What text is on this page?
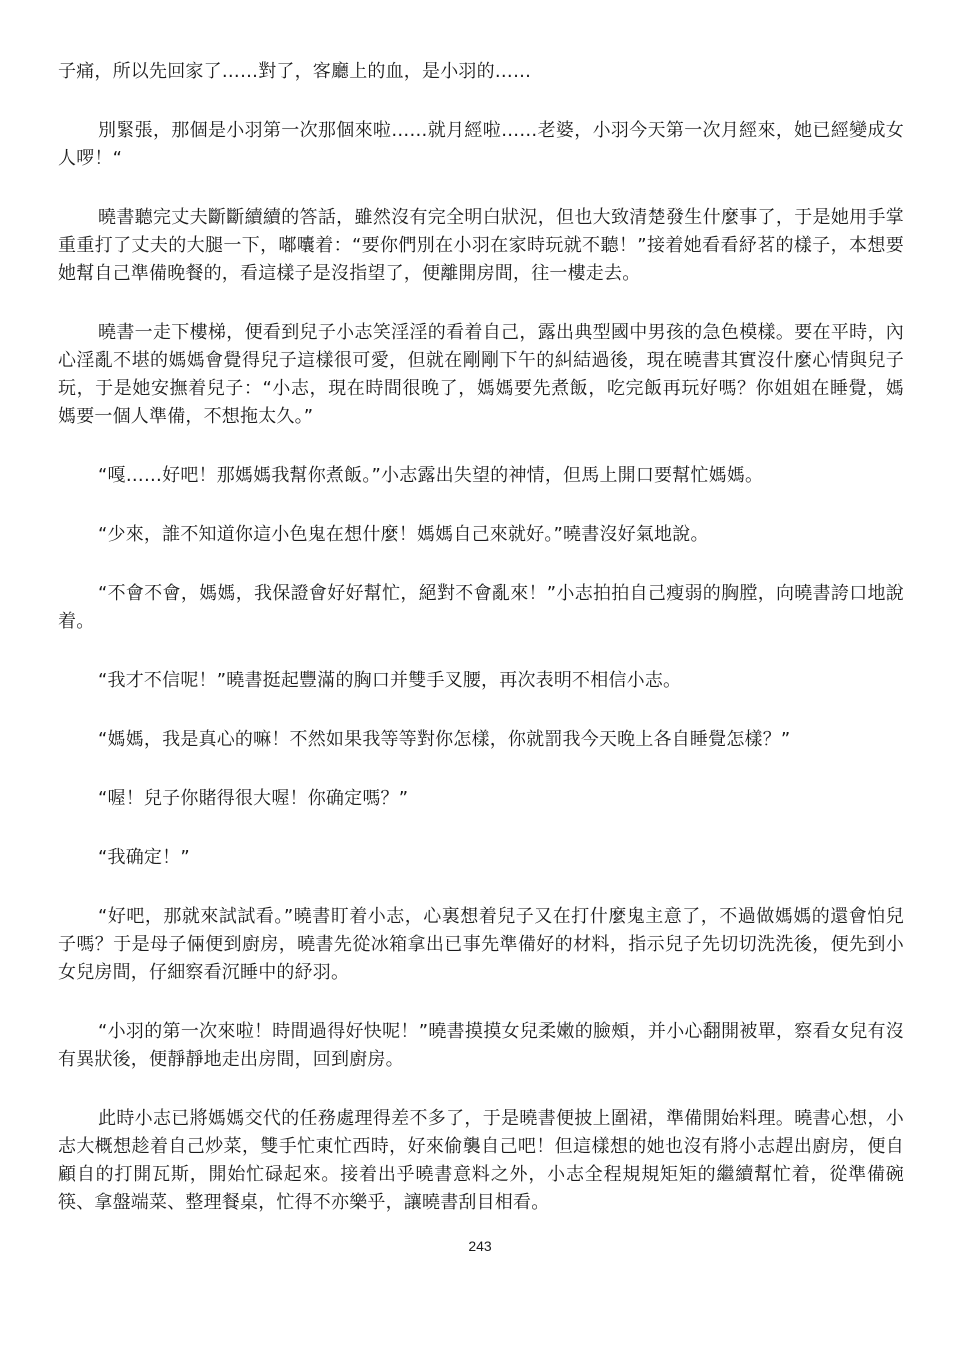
子痛，所以先回家了……對了，客廳上的血，是小羽的……

別緊張，那個是小羽第一次那個來啦……就月經啦……老婆，小羽今天第一次月經來，她已經變成女人啰！“

曉書聽完丈夫斷斷續續的答話，雖然沒有完全明白狀況，但也大致清楚發生什麼事了，于是她用手掌重重打了丈夫的大腿一下，嘟囔着：“要你們別在小羽在家時玩就不聽！”接着她看看紓茗的樣子，本想要她幫自己準備晚餐的，看這樣子是沒指望了，便離開房間，往一樓走去。

曉書一走下樓梯，便看到兒子小志笑淫淫的看着自己，露出典型國中男孩的急色模樣。要在平時，內心淫亂不堪的媽媽會覺得兒子這樣很可愛，但就在剛剛下午的糾結過後，現在曉書其實沒什麼心情與兒子玩，于是她安撫着兒子：“小志，現在時間很晚了，媽媽要先煮飯，吃完飯再玩好嗎？你姐姐在睡覺，媽媽要一個人準備，不想拖太久。”

“嘎……好吧！那媽媽我幫你煮飯。”小志露出失望的神情，但馬上開口要幫忙媽媽。

“少來，誰不知道你這小色鬼在想什麼！媽媽自己來就好。”曉書沒好氣地說。

“不會不會，媽媽，我保證會好好幫忙，絕對不會亂來！”小志拍拍自己瘦弱的胸膛，向曉書誇口地說着。

“我才不信呢！”曉書挺起豐滿的胸口并雙手叉腰，再次表明不相信小志。

“媽媽，我是真心的嘛！不然如果我等等對你怎樣，你就罰我今天晚上各自睡覺怎樣？”

“喔！兒子你賭得很大喔！你确定嗎？”

“我确定！”

“好吧，那就來試試看。”曉書盯着小志，心裏想着兒子又在打什麼鬼主意了，不過做媽媽的還會怕兒子嗎？于是母子倆便到廚房，曉書先從冰箱拿出已事先準備好的材料，指示兒子先切切洗洗後，便先到小女兒房間，仔細察看沉睡中的紓羽。

“小羽的第一次來啦！時間過得好快呢！”曉書摸摸女兒柔嫩的臉頰，并小心翻開被單，察看女兒有沒有異狀後，便靜靜地走出房間，回到廚房。

此時小志已將媽媽交代的任務處理得差不多了，于是曉書便披上圍裙，準備開始料理。曉書心想，小志大概想趁着自己炒菜，雙手忙東忙西時，好來偷襲自己吧！但這樣想的她也沒有將小志趕出廚房，便自顧自的打開瓦斯，開始忙碌起來。接着出乎曉書意料之外，小志全程規規矩矩的繼續幫忙着，從準備碗筷、拿盤端菜、整理餐桌，忙得不亦樂乎，讓曉書刮目相看。

243
